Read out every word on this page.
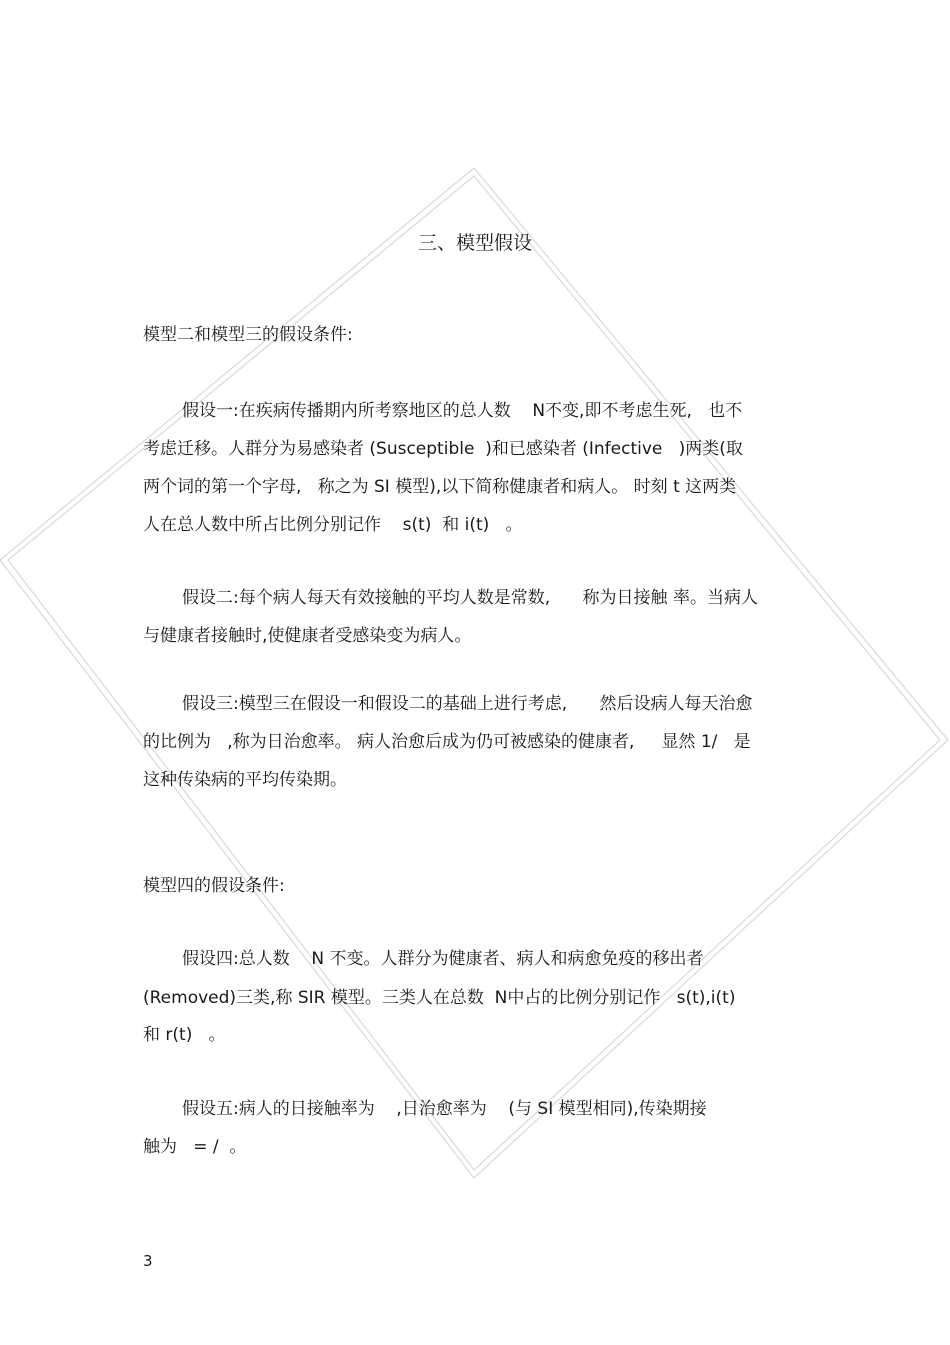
三、模型假设
模型二和模型三的假设条件:
假设一:在疾病传播期内所考察地区的总人数    N不变,即不考虑生死,   也不
考虑迁移。人群分为易感染者 (Susceptible  )和已感染者 (Infective   )两类(取
两个词的第一个字母,   称之为 SI 模型),以下简称健康者和病人。 时刻 t 这两类
人在总人数中所占比例分别记作    s(t)  和 i(t)   。
假设二:每个病人每天有效接触的平均人数是常数,      称为日接触 率。当病人
与健康者接触时,使健康者受感染变为病人。
假设三:模型三在假设一和假设二的基础上进行考虑,      然后设病人每天治愈
的比例为   ,称为日治愈率。 病人治愈后成为仍可被感染的健康者,     显然 1/   是
这种传染病的平均传染期。
模型四的假设条件:
假设四:总人数    N 不变。人群分为健康者、病人和病愈免疫的移出者
(Removed)三类,称 SIR 模型。三类人在总数  N中占的比例分别记作   s(t),i(t)
和 r(t)   。
假设五:病人的日接触率为    ,日治愈率为    (与 SI 模型相同),传染期接
触为   = /  。
3
